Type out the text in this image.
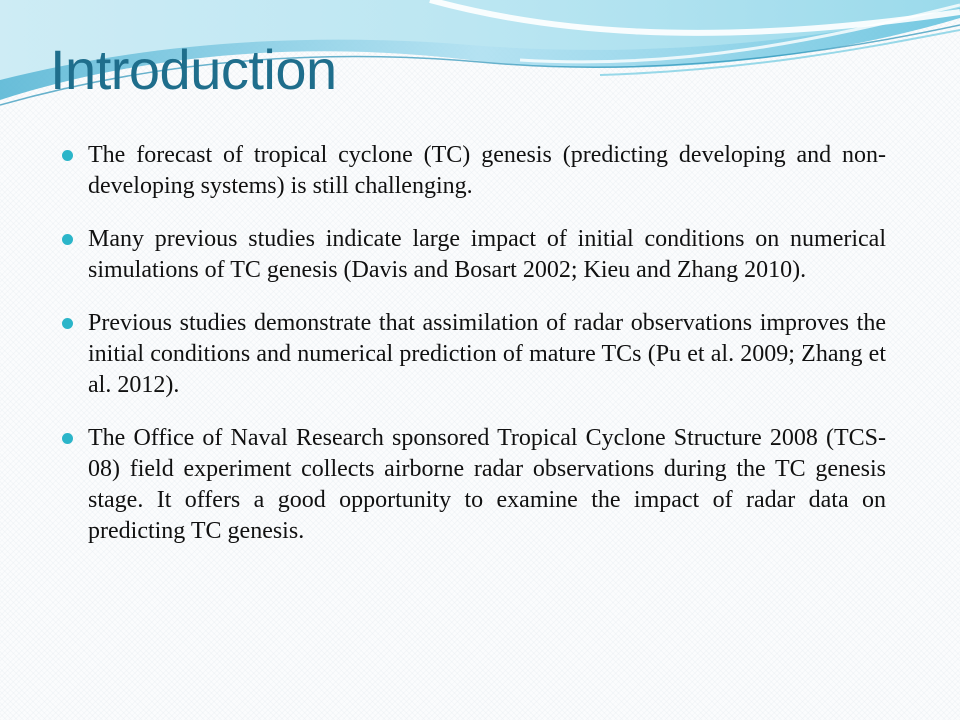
Introduction
The forecast of tropical cyclone (TC) genesis (predicting developing and non-developing systems) is still challenging.
Many previous studies indicate large impact of initial conditions on numerical simulations of TC genesis (Davis and Bosart 2002; Kieu and Zhang 2010).
Previous studies demonstrate that assimilation of radar observations improves the initial conditions and numerical prediction of mature TCs (Pu et al. 2009; Zhang et al. 2012).
The Office of Naval Research sponsored Tropical Cyclone Structure 2008 (TCS-08) field experiment collects airborne radar observations during the TC genesis stage. It offers a good opportunity to examine the impact of radar data on predicting TC genesis.
